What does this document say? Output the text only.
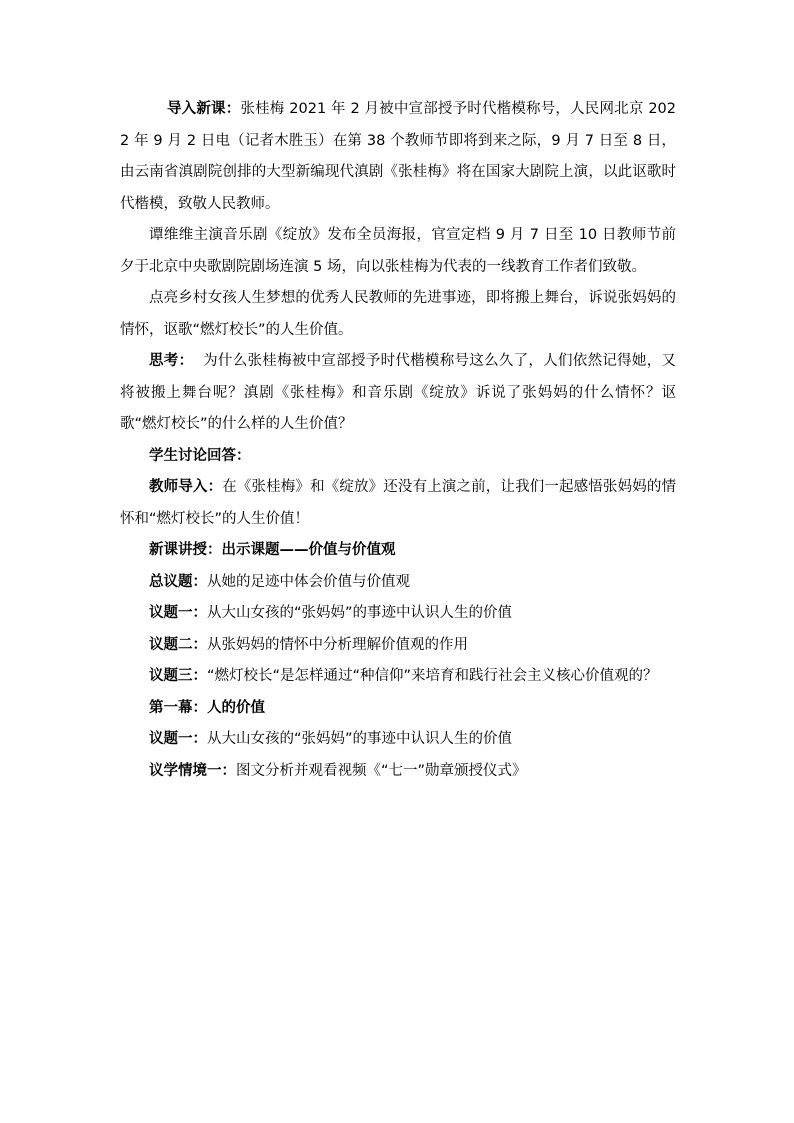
导入新课：张桂梅 2021 年 2 月被中宣部授予时代楷模称号，人民网北京 2022 年 9 月 2 日电（记者木胜玉）在第 38 个教师节即将到来之际，9 月 7 日至 8 日，由云南省滇剧院创排的大型新编现代滇剧《张桂梅》将在国家大剧院上演，以此讴歌时代楷模，致敬人民教师。

谭维维主演音乐剧《绽放》发布全员海报，官宣定档 9 月 7 日至 10 日教师节前夕于北京中央歌剧院剧场连演 5 场，向以张桂梅为代表的一线教育工作者们致敬。

点亮乡村女孩人生梦想的优秀人民教师的先进事迹，即将搬上舞台，诉说张妈妈的情怀，讴歌“燃灯校长”的人生价值。

思考：  为什么张桂梅被中宣部授予时代楷模称号这么久了，人们依然记得她，又将被搬上舞台呢？滇剧《张桂梅》和音乐剧《绽放》诉说了张妈妈的什么情怀？讴歌“燃灯校长”的什么样的人生价值？

学生讨论回答：

教师导入：在《张桂梅》和《绽放》还没有上演之前，让我们一起感悟张妈妈的情怀和“燃灯校长”的人生价值！

新课讲授：出示课题——价值与价值观

总议题：从她的足迹中体会价值与价值观

议题一：从大山女孩的“张妈妈”的事迹中认识人生的价值

议题二：从张妈妈的情怀中分析理解价值观的作用

议题三：“燃灯校长“是怎样通过“种信仰”来培育和践行社会主义核心价值观的？

第一幕：人的价值

议题一：从大山女孩的“张妈妈”的事迹中认识人生的价值

议学情境一：图文分析并观看视频《“七一”勋章颁授仪式》
